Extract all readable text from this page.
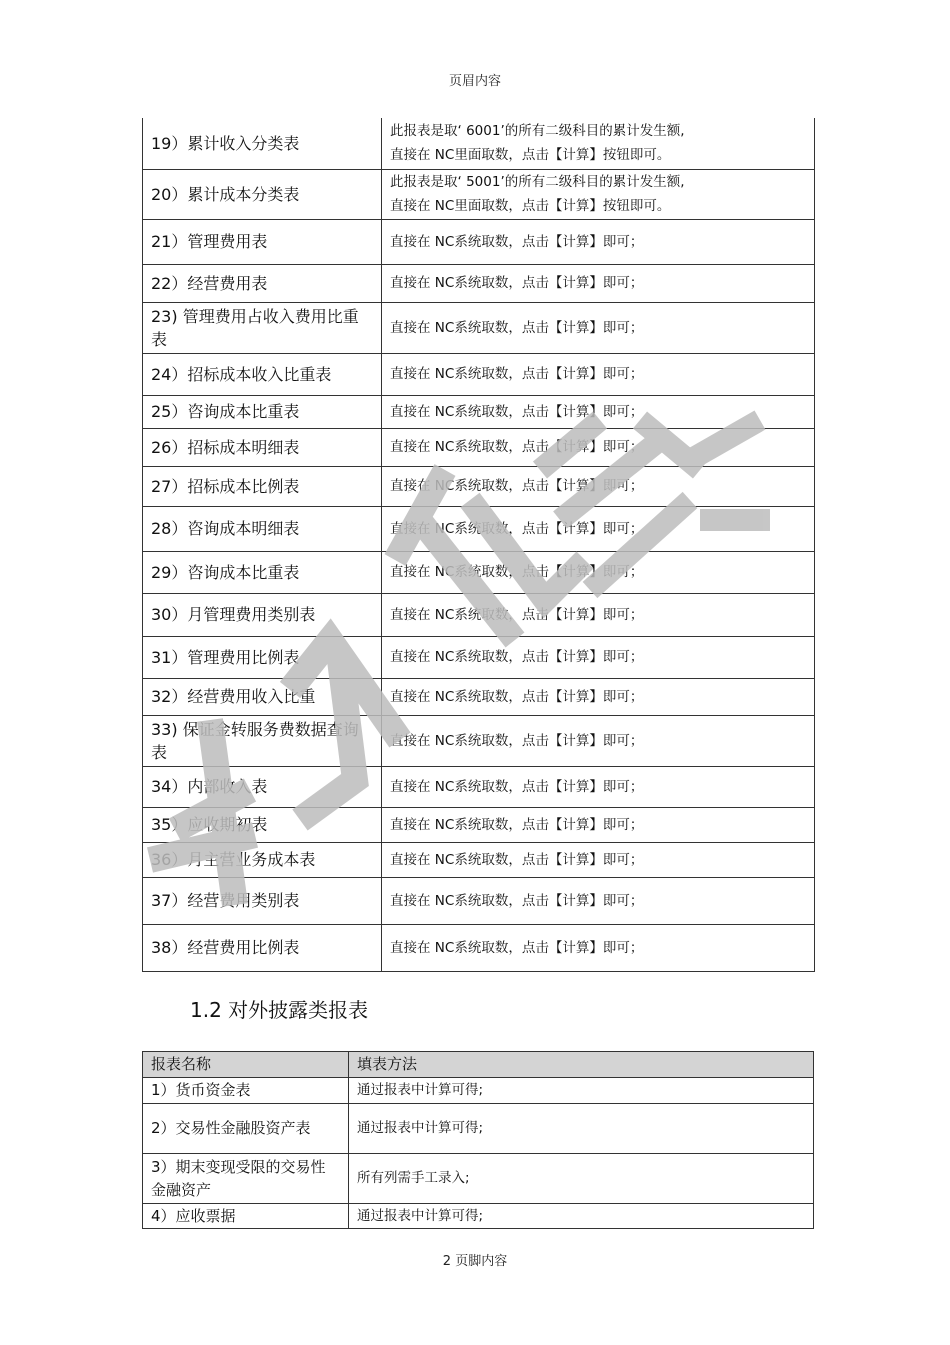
页眉内容
19）累计收入分类表	此报表是取‘ 6001’的所有二级科目的累计发生额,
直接在 NC里面取数，点击【计算】按钮即可。

20）累计成本分类表	此报表是取‘ 5001’的所有二级科目的累计发生额,
直接在 NC里面取数，点击【计算】按钮即可。

21）管理费用表	直接在 NC系统取数，点击【计算】即可；

22）经营费用表	直接在 NC系统取数，点击【计算】即可；

23) 管理费用占收入费用比重表	直接在 NC系统取数，点击【计算】即可；

24）招标成本收入比重表	直接在 NC系统取数，点击【计算】即可；

25）咨询成本比重表	直接在 NC系统取数，点击【计算】即可；

26）招标成本明细表	直接在 NC系统取数，点击【计算】即可；

27）招标成本比例表	直接在 NC系统取数，点击【计算】即可；

28）咨询成本明细表	直接在 NC系统取数，点击【计算】即可；

29）咨询成本比重表	直接在 NC系统取数，点击【计算】即可；

30）月管理费用类别表	直接在 NC系统取数，点击【计算】即可；

31）管理费用比例表	直接在 NC系统取数，点击【计算】即可；

32）经营费用收入比重	直接在 NC系统取数，点击【计算】即可；

33) 保证金转服务费数据查询表	直接在 NC系统取数，点击【计算】即可；

34）内部收入表	直接在 NC系统取数，点击【计算】即可；

35）应收期初表	直接在 NC系统取数，点击【计算】即可；

36）月主营业务成本表	直接在 NC系统取数，点击【计算】即可；

37）经营费用类别表	直接在 NC系统取数，点击【计算】即可；

38）经营费用比例表	直接在 NC系统取数，点击【计算】即可；
1.2 对外披露类报表
报表名称	填表方法
1）货币资金表	通过报表中计算可得;
2）交易性金融股资产表	通过报表中计算可得;
3）期末变现受限的交易性金融资产	所有列需手工录入;
4）应收票据	通过报表中计算可得;
2 页脚内容
